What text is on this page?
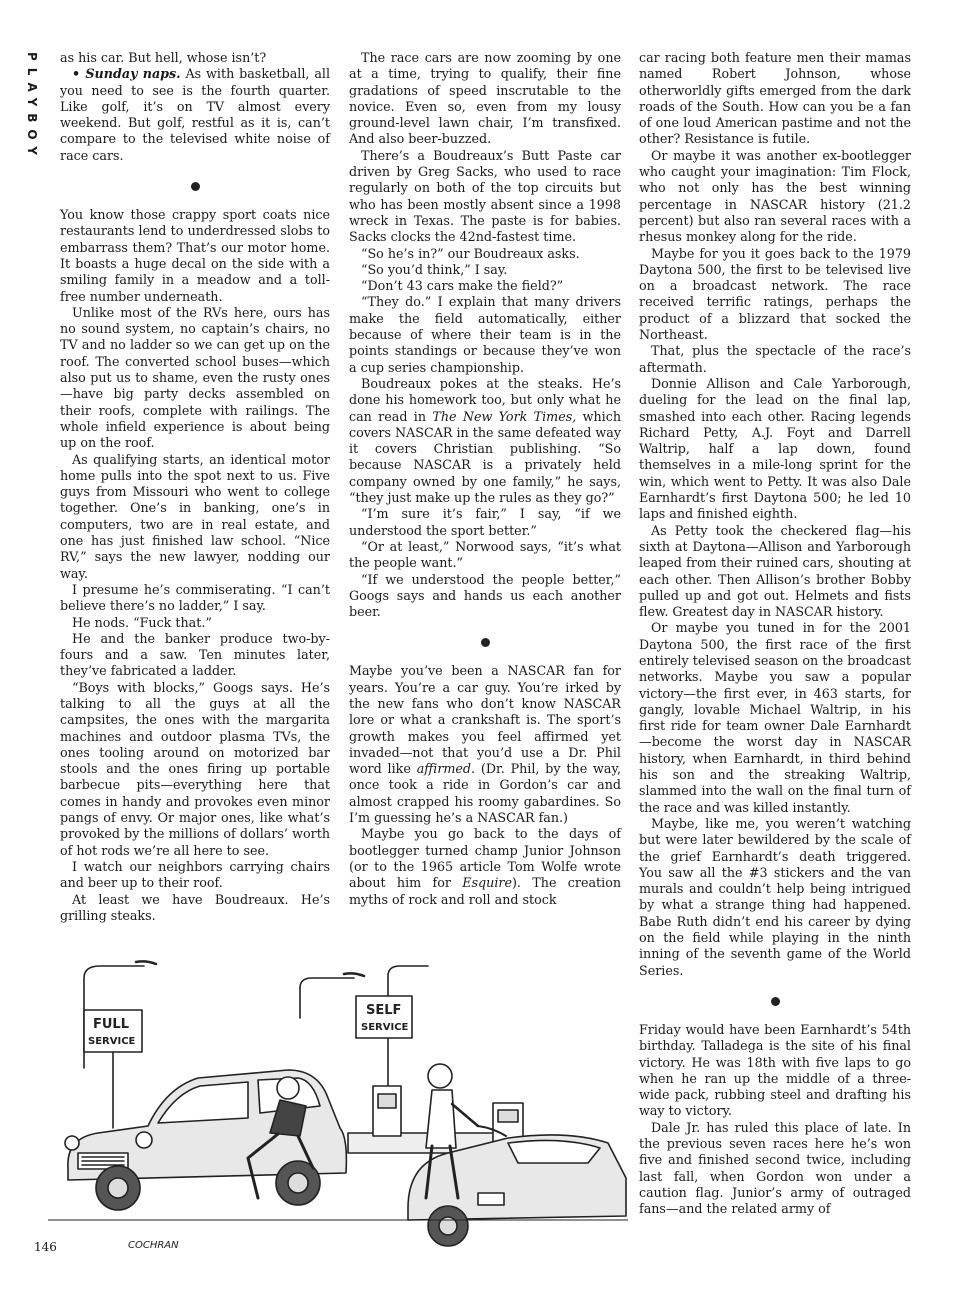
PLAYBOY as his car. But hell, whose isn’t?

• Sunday naps. As with basketball, all you need to see is the fourth quarter. Like golf, it’s on TV almost every weekend. But golf, restful as it is, can’t compare to the televised white noise of race cars.

You know those crappy sport coats nice restaurants lend to underdressed slobs to embarrass them? That’s our motor home. It boasts a huge decal on the side with a smiling family in a meadow and a toll-free number underneath.

Unlike most of the RVs here, ours has no sound system, no captain’s chairs, no TV and no ladder so we can get up on the roof. The converted school buses—which also put us to shame, even the rusty ones—have big party decks assembled on their roofs, complete with railings. The whole infield experience is about being up on the roof.

As qualifying starts, an identical motor home pulls into the spot next to us. Five guys from Missouri who went to college together. One’s in banking, one’s in computers, two are in real estate, and one has just finished law school. “Nice RV,” says the new lawyer, nodding our way.

I presume he’s commiserating. “I can’t believe there’s no ladder,” I say.

He nods. “Fuck that.”

He and the banker produce two-by-fours and a saw. Ten minutes later, they’ve fabricated a ladder.

“Boys with blocks,” Googs says. He’s talking to all the guys at all the campsites, the ones with the margarita machines and outdoor plasma TVs, the ones tooling around on motorized bar stools and the ones firing up portable barbecue pits—everything here that comes in handy and provokes even minor pangs of envy. Or major ones, like what’s provoked by the millions of dollars’ worth of hot rods we’re all here to see.

I watch our neighbors carrying chairs and beer up to their roof.

At least we have Boudreaux. He’s grilling steaks.

The race cars are now zooming by one at a time, trying to qualify, their fine gradations of speed inscrutable to the novice. Even so, even from my lousy ground-level lawn chair, I’m transfixed. And also beer-buzzed.

There’s a Boudreaux’s Butt Paste car driven by Greg Sacks, who used to race regularly on both of the top circuits but who has been mostly absent since a 1998 wreck in Texas. The paste is for babies. Sacks clocks the 42nd-fastest time.

“So he’s in?” our Boudreaux asks.

“So you’d think,” I say.

“Don’t 43 cars make the field?”

“They do.” I explain that many drivers make the field automatically, either because of where their team is in the points standings or because they’ve won a cup series championship.

Boudreaux pokes at the steaks. He’s done his homework too, but only what he can read in The New York Times, which covers NASCAR in the same defeated way it covers Christian publishing. “So because NASCAR is a privately held company owned by one family,” he says, “they just make up the rules as they go?”

“I’m sure it’s fair,” I say, “if we understood the sport better.”

“Or at least,” Norwood says, “it’s what the people want.”

“If we understood the people better,” Googs says and hands us each another beer.

Maybe you’ve been a NASCAR fan for years. You’re a car guy. You’re irked by the new fans who don’t know NASCAR lore or what a crankshaft is. The sport’s growth makes you feel affirmed yet invaded—not that you’d use a Dr. Phil word like affirmed. (Dr. Phil, by the way, once took a ride in Gordon’s car and almost crapped his roomy gabardines. So I’m guessing he’s a NASCAR fan.)

Maybe you go back to the days of bootlegger turned champ Junior Johnson (or to the 1965 article Tom Wolfe wrote about him for Esquire). The creation myths of rock and roll and stock

car racing both feature men their mamas named Robert Johnson, whose otherworldly gifts emerged from the dark roads of the South. How can you be a fan of one loud American pastime and not the other? Resistance is futile.

Or maybe it was another ex-bootlegger who caught your imagination: Tim Flock, who not only has the best winning percentage in NASCAR history (21.2 percent) but also ran several races with a rhesus monkey along for the ride.

Maybe for you it goes back to the 1979 Daytona 500, the first to be televised live on a broadcast network. The race received terrific ratings, perhaps the product of a blizzard that socked the Northeast.

That, plus the spectacle of the race’s aftermath.

Donnie Allison and Cale Yarborough, dueling for the lead on the final lap, smashed into each other. Racing legends Richard Petty, A.J. Foyt and Darrell Waltrip, half a lap down, found themselves in a mile-long sprint for the win, which went to Petty. It was also Dale Earnhardt’s first Daytona 500; he led 10 laps and finished eighth.

As Petty took the checkered flag—his sixth at Daytona—Allison and Yarborough leaped from their ruined cars, shouting at each other. Then Allison’s brother Bobby pulled up and got out. Helmets and fists flew. Greatest day in NASCAR history.

Or maybe you tuned in for the 2001 Daytona 500, the first race of the first entirely televised season on the broadcast networks. Maybe you saw a popular victory—the first ever, in 463 starts, for gangly, lovable Michael Waltrip, in his first ride for team owner Dale Earnhardt—become the worst day in NASCAR history, when Earnhardt, in third behind his son and the streaking Waltrip, slammed into the wall on the final turn of the race and was killed instantly.

Maybe, like me, you weren’t watching but were later bewildered by the scale of the grief Earnhardt’s death triggered. You saw all the #3 stickers and the van murals and couldn’t help being intrigued by what a strange thing had happened. Babe Ruth didn’t end his career by dying on the field while playing in the ninth inning of the seventh game of the World Series.

Friday would have been Earnhardt’s 54th birthday. Talladega is the site of his final victory. He was 18th with five laps to go when he ran up the middle of a three-wide pack, rubbing steel and drafting his way to victory.

Dale Jr. has ruled this place of late. In the previous seven races here he’s won five and finished second twice, including last fall, when Gordon won under a caution flag. Junior’s army of outraged fans—and the related army of

FULL
SERVICE
SELF
SERVICE
COCHRAN
146
